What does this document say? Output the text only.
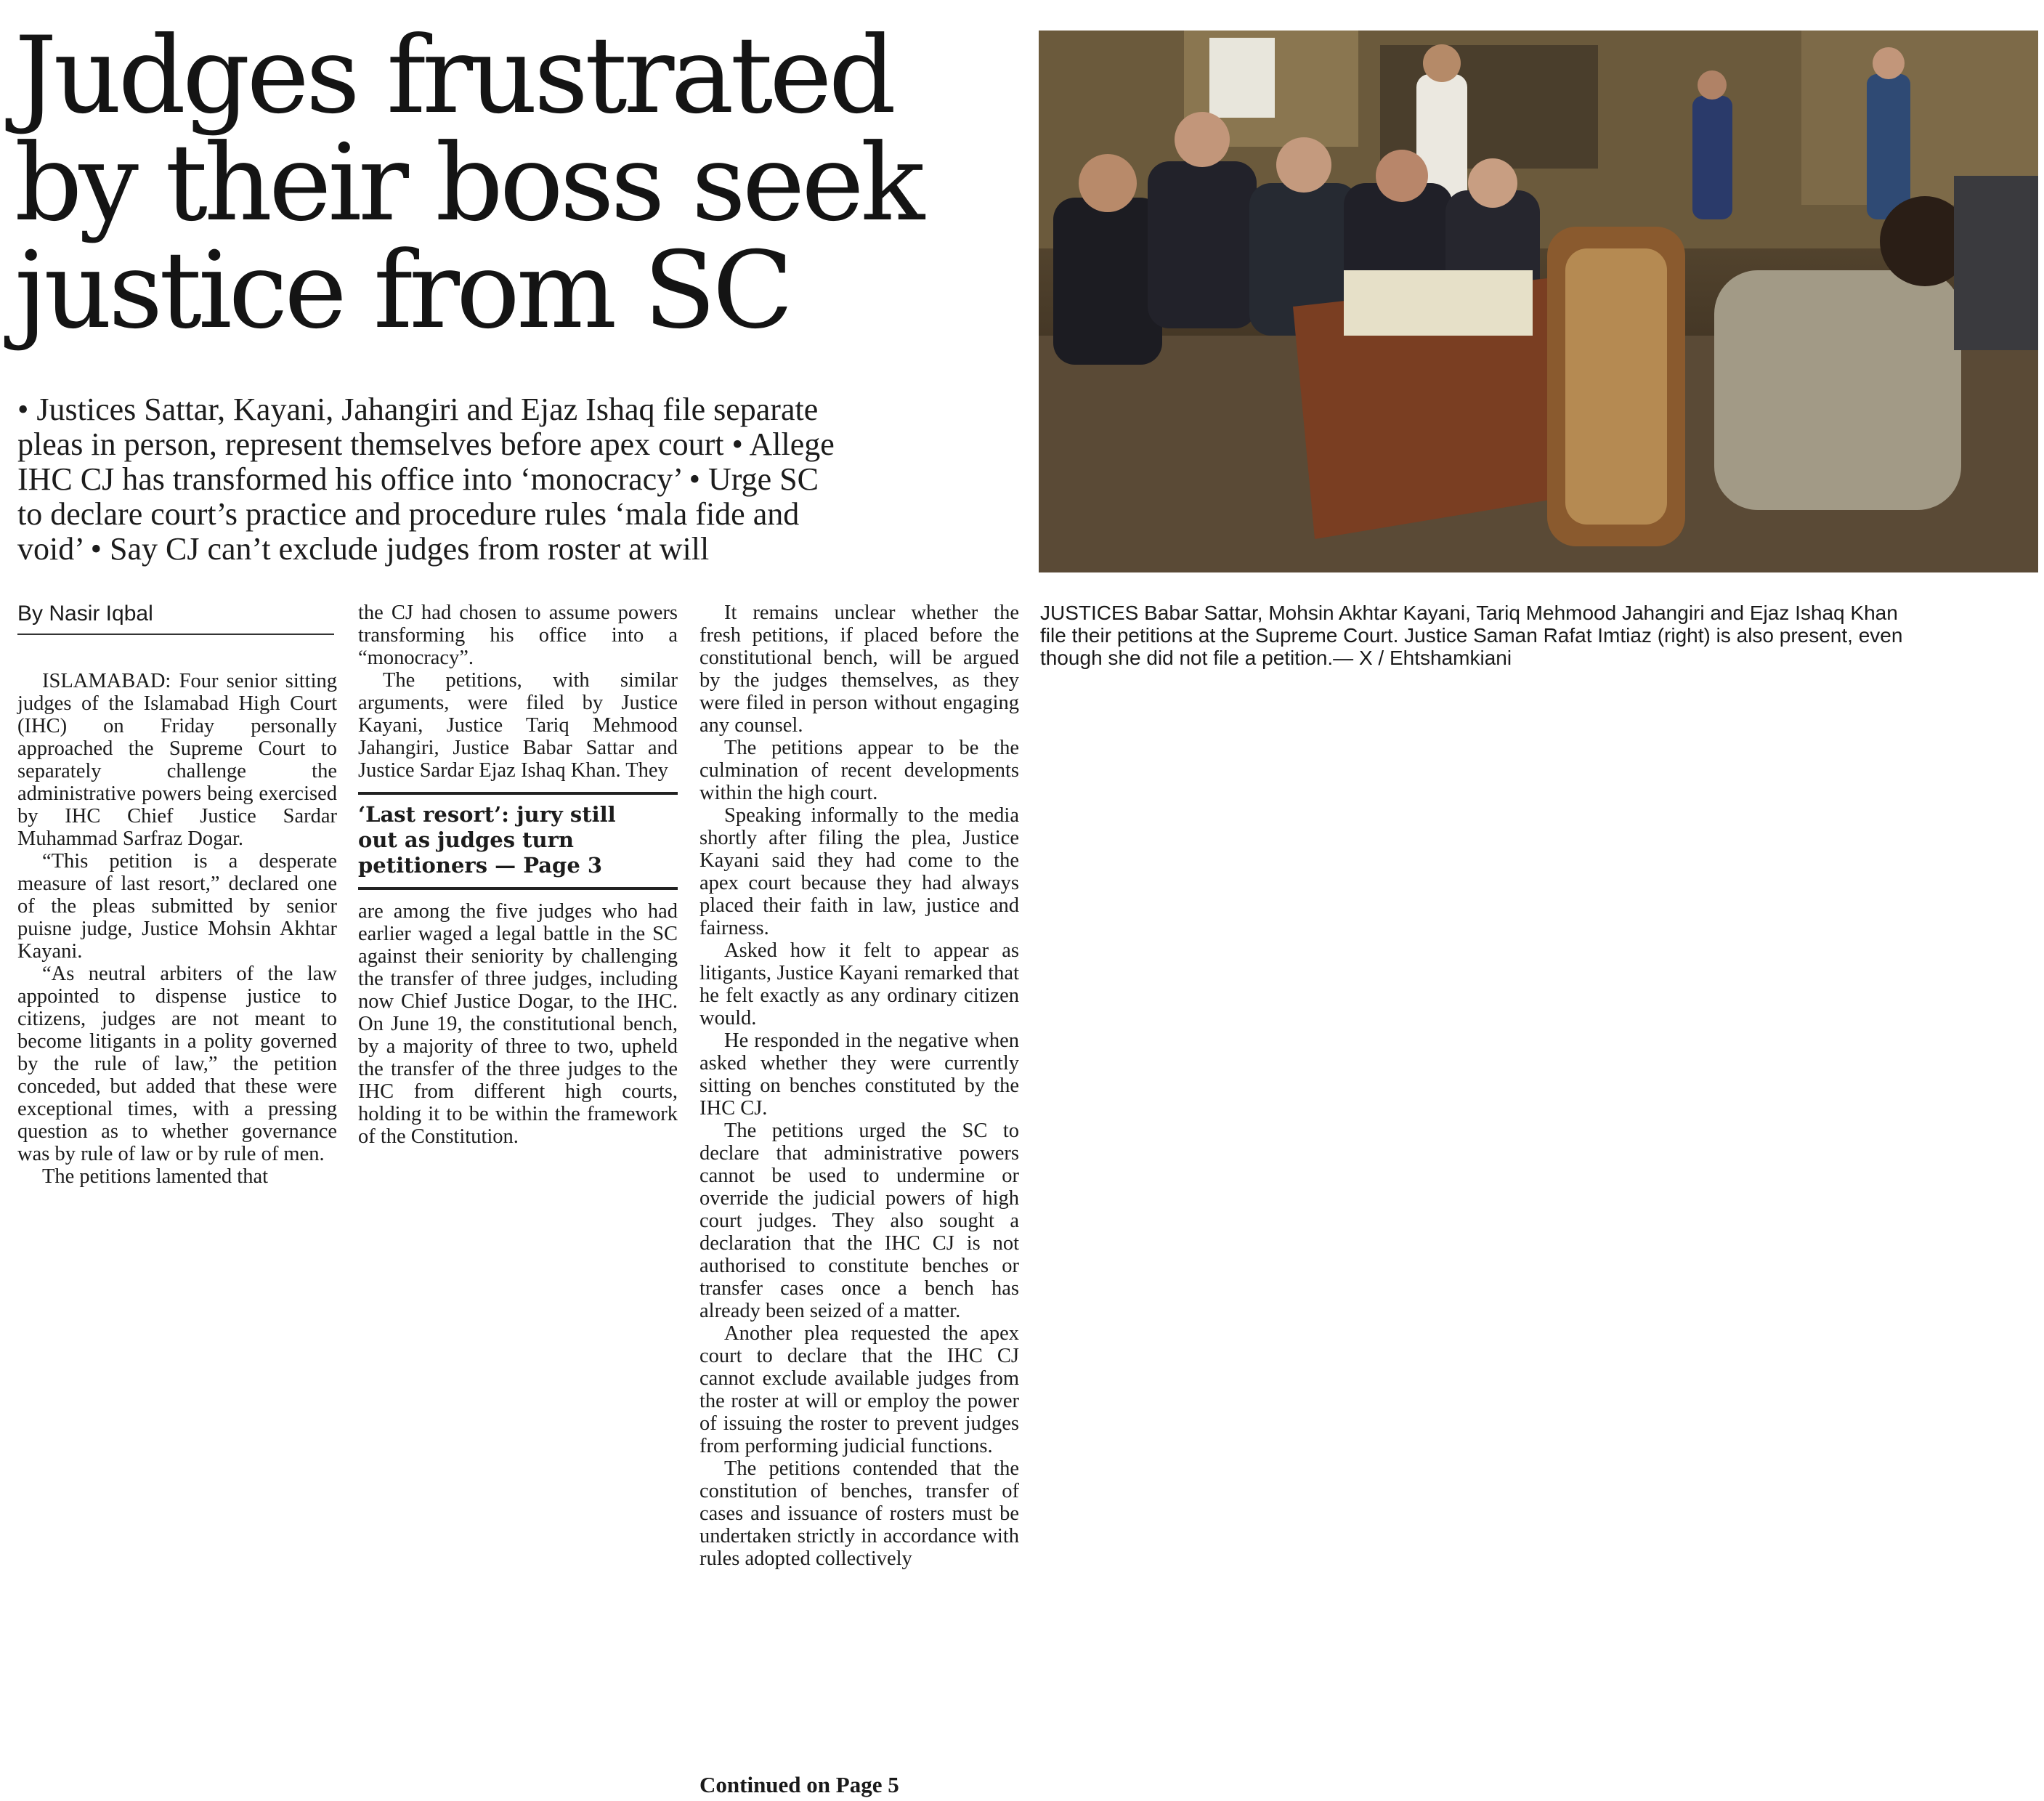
Judges frustrated
by their boss seek
justice from SC
• Justices Sattar, Kayani, Jahangiri and Ejaz Ishaq file separate
pleas in person, represent themselves before apex court • Allege
IHC CJ has transformed his office into ‘monocracy’ • Urge SC
to declare court’s practice and procedure rules ‘mala fide and
void’ • Say CJ can’t exclude judges from roster at will
JUSTICES Babar Sattar, Mohsin Akhtar Kayani, Tariq Mehmood Jahangiri and Ejaz Ishaq Khan
file their petitions at the Supreme Court. Justice Saman Rafat Imtiaz (right) is also present, even
though she did not file a petition.— X / Ehtshamkiani
By Nasir Iqbal

ISLAMABAD: Four senior sitting judges of the Islamabad High Court (IHC) on Friday personally approached the Supreme Court to separately challenge the administrative powers being exercised by IHC Chief Justice Sardar Muhammad Sarfraz Dogar.

“This petition is a desperate measure of last resort,” declared one of the pleas submitted by senior puisne judge, Justice Mohsin Akhtar Kayani.

“As neutral arbiters of the law appointed to dispense justice to citizens, judges are not meant to become litigants in a polity governed by the rule of law,” the petition conceded, but added that these were exceptional times, with a pressing question as to whether governance was by rule of law or by rule of men.

The petitions lamented that

the CJ had chosen to assume powers transforming his office into a “monocracy”.

The petitions, with similar arguments, were filed by Justice Kayani, Justice Tariq Mehmood Jahangiri, Justice Babar Sattar and Justice Sardar Ejaz Ishaq Khan. They

‘Last resort’: jury still
out as judges turn
petitioners — Page 3

are among the five judges who had earlier waged a legal battle in the SC against their seniority by challenging the transfer of three judges, including now Chief Justice Dogar, to the IHC. On June 19, the constitutional bench, by a majority of three to two, upheld the transfer of the three judges to the IHC from different high courts, holding it to be within the framework of the Constitution.

It remains unclear whether the fresh petitions, if placed before the constitutional bench, will be argued by the judges themselves, as they were filed in person without engaging any counsel.

The petitions appear to be the culmination of recent developments within the high court.

Speaking informally to the media shortly after filing the plea, Justice Kayani said they had come to the apex court because they had always placed their faith in law, justice and fairness.

Asked how it felt to appear as litigants, Justice Kayani remarked that he felt exactly as any ordinary citizen would.

He responded in the negative when asked whether they were currently sitting on benches constituted by the IHC CJ.

The petitions urged the SC to declare that administrative powers cannot be used to undermine or override the judicial powers of high court judges. They also sought a declaration that the IHC CJ is not authorised to constitute benches or transfer cases once a bench has already been seized of a matter.

Another plea requested the apex court to declare that the IHC CJ cannot exclude available judges from the roster at will or employ the power of issuing the roster to prevent judges from performing judicial functions.

The petitions contended that the constitution of benches, transfer of cases and issuance of rosters must be undertaken strictly in accordance with rules adopted collectively

Continued on Page 5
